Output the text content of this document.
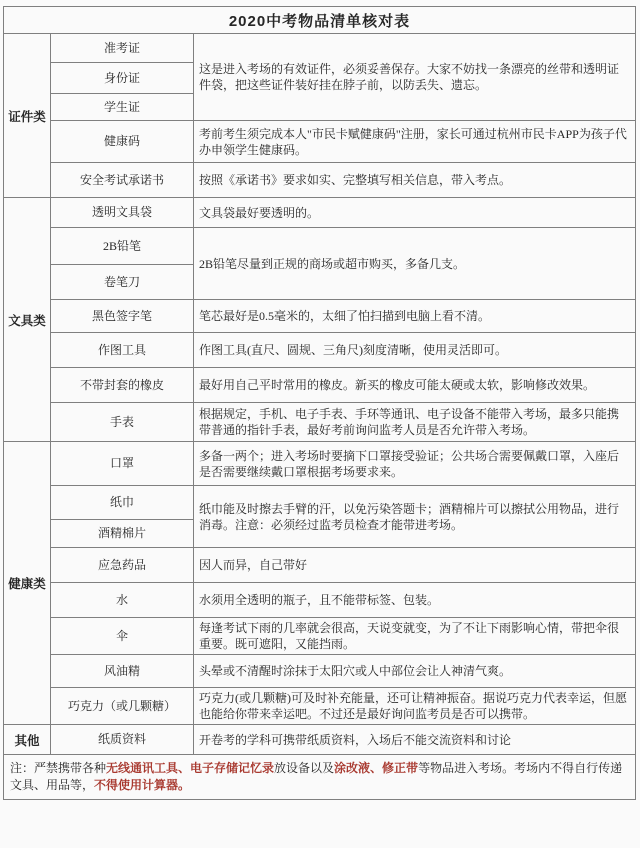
2020中考物品清单核对表		
证件类	准考证	这是进入考场的有效证件，必须妥善保存。大家不妨找一条漂亮的丝带和透明证件袋，把这些证件装好挂在脖子前，以防丢失、遗忘。
	身份证	
	学生证	
	健康码	考前考生须完成本人"市民卡赋健康码"注册，家长可通过杭州市民卡APP为孩子代办申领学生健康码。
	安全考试承诺书	按照《承诺书》要求如实、完整填写相关信息，带入考点。
文具类	透明文具袋	文具袋最好要透明的。
	2B铅笔	2B铅笔尽量到正规的商场或超市购买，多备几支。
	卷笔刀	
	黑色签字笔	笔芯最好是0.5毫米的，太细了怕扫描到电脑上看不清。
	作图工具	作图工具(直尺、圆规、三角尺)刻度清晰，使用灵活即可。
	不带封套的橡皮	最好用自己平时常用的橡皮。新买的橡皮可能太硬或太软，影响修改效果。
	手表	根据规定，手机、电子手表、手环等通讯、电子设备不能带入考场，最多只能携带普通的指针手表，最好考前询问监考人员是否允许带入考场。
健康类	口罩	多备一两个；进入考场时要摘下口罩接受验证；公共场合需要佩戴口罩，入座后是否需要继续戴口罩根据考场要求来。
	纸巾	纸巾能及时擦去手臂的汗，以免污染答题卡；酒精棉片可以擦拭公用物品，进行消毒。注意：必须经过监考员检查才能带进考场。
	酒精棉片	
	应急药品	因人而异，自己带好
	水	水须用全透明的瓶子，且不能带标签、包装。
	伞	每逢考试下雨的几率就会很高，天说变就变，为了不让下雨影响心情，带把伞很重要。既可遮阳，又能挡雨。
	风油精	头晕或不清醒时涂抹于太阳穴或人中部位会让人神清气爽。
	巧克力（或几颗糖）	巧克力(或几颗糖)可及时补充能量，还可让精神振奋。据说巧克力代表幸运，但愿也能给你带来幸运吧。不过还是最好询问监考员是否可以携带。
其他	纸质资料	开卷考的学科可携带纸质资料，入场后不能交流资料和讨论
注：严禁携带各种无线通讯工具、电子存储记忆录放设备以及涂改液、修正带等物品进入考场。考场内不得自行传递文具、用品等，不得使用计算器。		
